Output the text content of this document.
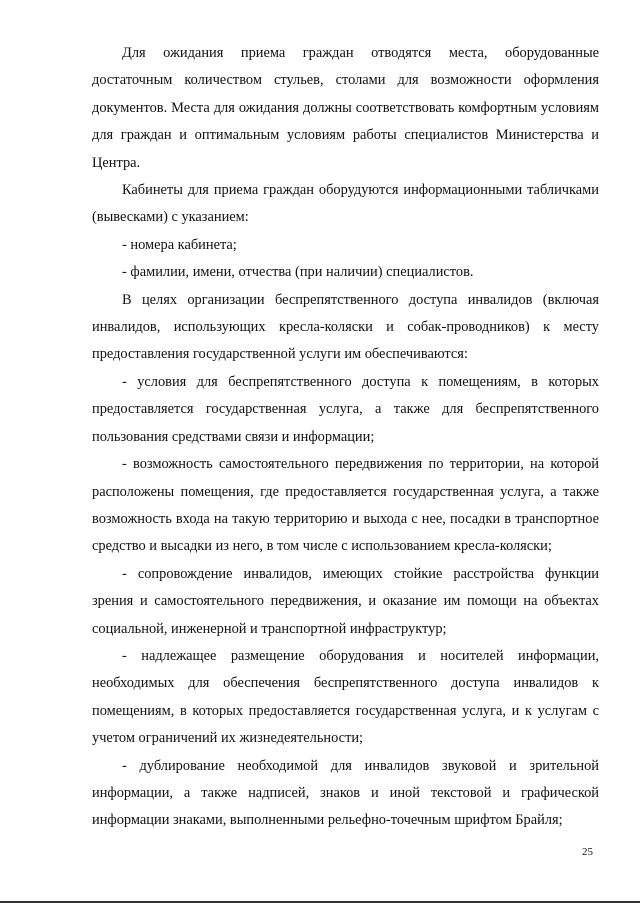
Для ожидания приема граждан отводятся места, оборудованные достаточным количеством стульев, столами для возможности оформления документов. Места для ожидания должны соответствовать комфортным условиям для граждан и оптимальным условиям работы специалистов Министерства и Центра.

Кабинеты для приема граждан оборудуются информационными табличками (вывесками) с указанием:

- номера кабинета;

- фамилии, имени, отчества (при наличии) специалистов.

В целях организации беспрепятственного доступа инвалидов (включая инвалидов, использующих кресла-коляски и собак-проводников) к месту предоставления государственной услуги им обеспечиваются:

- условия для беспрепятственного доступа к помещениям, в которых предоставляется государственная услуга, а также для беспрепятственного пользования средствами связи и информации;

- возможность самостоятельного передвижения по территории, на которой расположены помещения, где предоставляется государственная услуга, а также возможность входа на такую территорию и выхода с нее, посадки в транспортное средство и высадки из него, в том числе с использованием кресла-коляски;

- сопровождение инвалидов, имеющих стойкие расстройства функции зрения и самостоятельного передвижения, и оказание им помощи на объектах социальной, инженерной и транспортной инфраструктур;

- надлежащее размещение оборудования и носителей информации, необходимых для обеспечения беспрепятственного доступа инвалидов к помещениям, в которых предоставляется государственная услуга, и к услугам с учетом ограничений их жизнедеятельности;

- дублирование необходимой для инвалидов звуковой и зрительной информации, а также надписей, знаков и иной текстовой и графической информации знаками, выполненными рельефно-точечным шрифтом Брайля;

25
